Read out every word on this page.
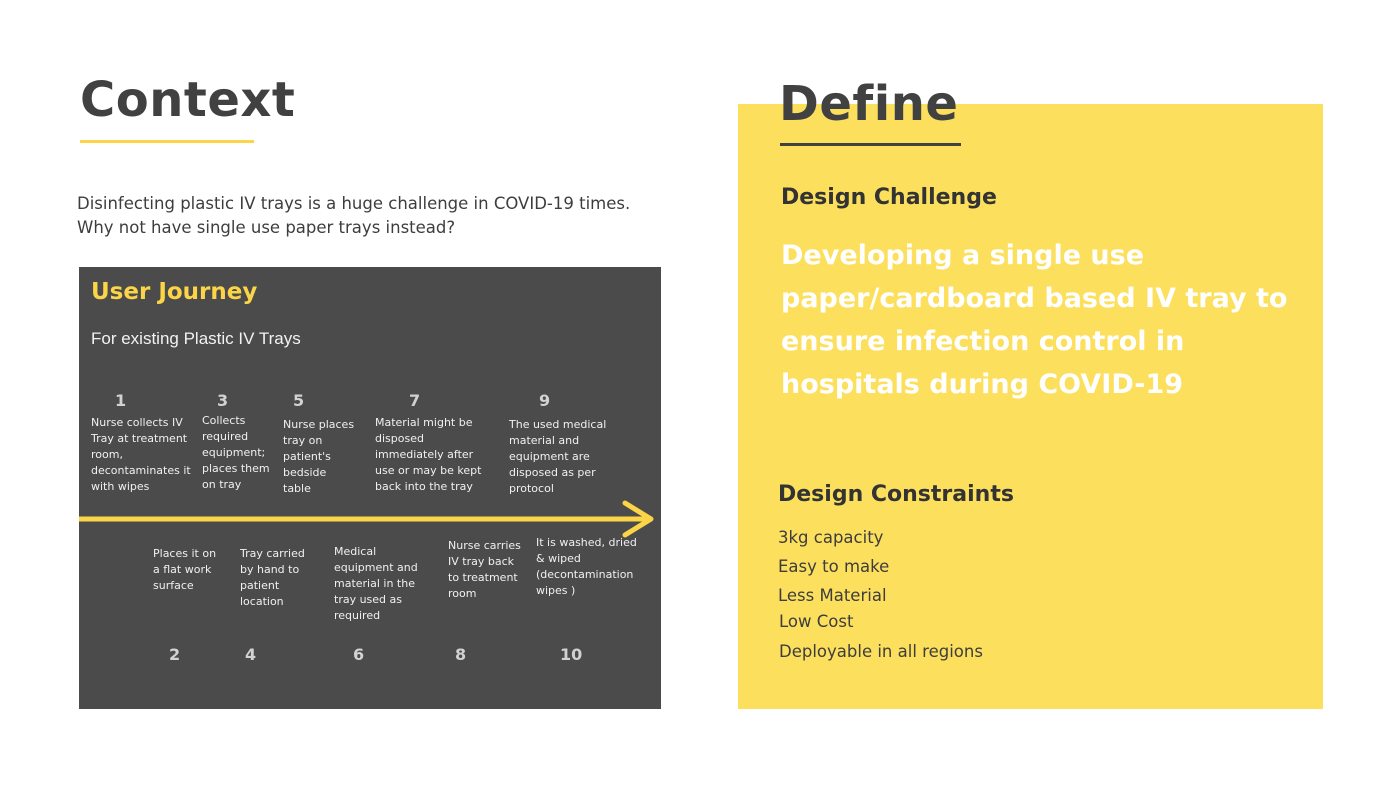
Context
Disinfecting plastic IV trays is a huge challenge in COVID-19 times. Why not have single use paper trays instead?
User Journey
For existing Plastic IV Trays
1
Nurse collects IV Tray at treatment room, decontaminates it with wipes
3
Collects required equipment; places them on tray
5
Nurse places tray on patient's bedside table
7
Material might be disposed immediately after use or may be kept back into the tray
9
The used medical material and equipment are disposed as per protocol
Places it on a flat work surface
2
Tray carried by hand to patient location
4
Medical equipment and material in the tray used as required
6
Nurse carries IV tray back to treatment room
8
It is washed, dried & wiped (decontamination wipes )
10
Define
Design Challenge
Developing a single use paper/cardboard based IV tray to ensure infection control in hospitals during COVID-19
Design Constraints
3kg capacity
Easy to make
Less Material
Low Cost
Deployable in all regions
